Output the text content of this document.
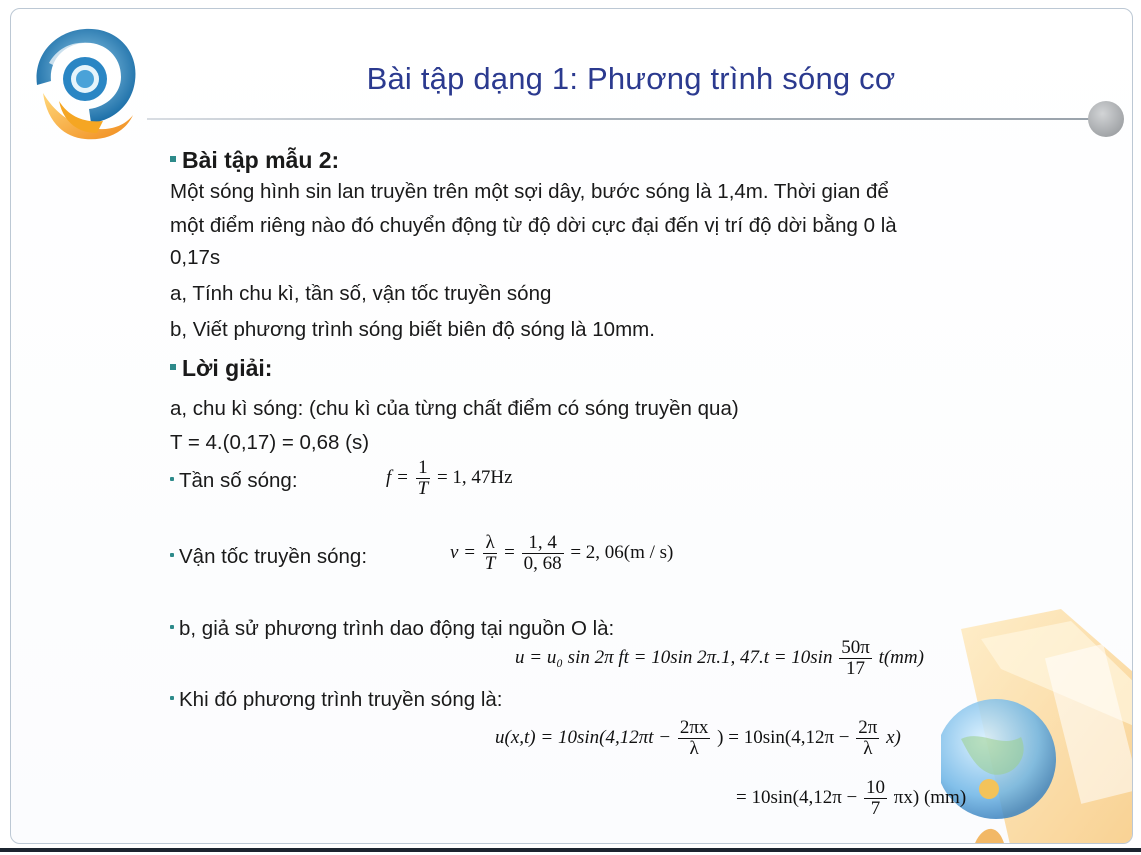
Bài tập dạng 1: Phương trình sóng cơ
Bài tập mẫu 2:
Một sóng hình sin lan truyền trên một sợi dây, bước sóng là 1,4m. Thời gian để
một điểm riêng nào đó chuyển động từ độ dời cực đại đến vị trí độ dời bằng 0 là
0,17s
a, Tính chu kì, tần số, vận tốc truyền sóng
b, Viết phương trình sóng biết biên độ sóng là 10mm.
Lời giải:
a, chu kì sóng: (chu kì của từng chất điểm có sóng truyền qua)
T = 4.(0,17) = 0,68 (s)
Tần số sóng:	$f = \frac{1}{T} = 1$, 47Hz
Vận tốc truyền sóng:	$v = \frac{\lambda}{T} = \frac{1, 4}{0, 68} = 2$, 06(m / s)
b, giả sử phương trình dao động tại nguồn O là:
u = u₀ sin 2π ft = 10sin 2π.1, $47.t = 10\sin \frac{50\pi}{17} t(mm)$
Khi đó phương trình truyền sóng là:
$u(x,t) = 10\sin(4,12\pi t - \frac{2\pi x}{\lambda}$ ) = $10\sin(4,12\pi - \frac{2\pi}{\lambda} x)$
= $10\sin(4,12\pi - \frac{10}{7} \pi x)$ (mm)
